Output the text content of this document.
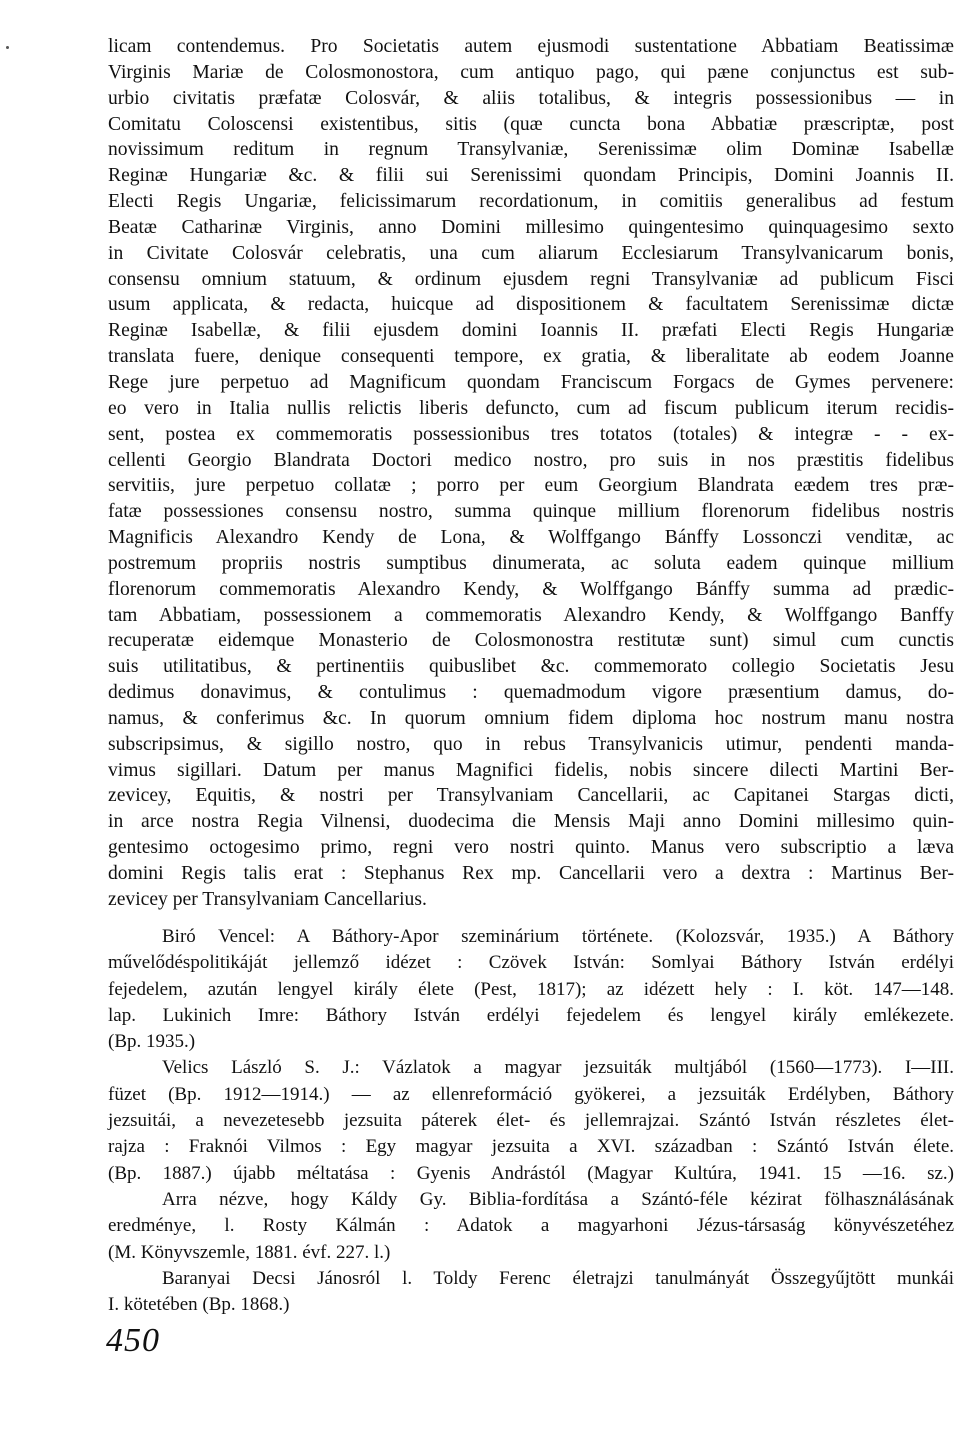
licam contendemus. Pro Societatis autem ejusmodi sustentatione Abbatiam Beatissimæ
Virginis Mariæ de Colosmonostora, cum antiquo pago, qui pæne conjunctus est sub-
urbio civitatis præfatæ Colosvár, & aliis totalibus, & integris possessionibus — in
Comitatu Coloscensi existentibus, sitis (quæ cuncta bona Abbatiæ præscriptæ, post
novissimum reditum in regnum Transylvaniæ, Serenissimæ olim Dominæ Isabellæ
Reginæ Hungariæ &c. & filii sui Serenissimi quondam Principis, Domini Joannis II.
Electi Regis Ungariæ, felicissimarum recordationum, in comitiis generalibus ad festum
Beatæ Catharinæ Virginis, anno Domini millesimo quingentesimo quinquagesimo sexto
in Civitate Colosvár celebratis, una cum aliarum Ecclesiarum Transylvanicarum bonis,
consensu omnium statuum, & ordinum ejusdem regni Transylvaniæ ad publicum Fisci
usum applicata, & redacta, huicque ad dispositionem & facultatem Serenissimæ dictæ
Reginæ Isabellæ, & filii ejusdem domini Ioannis II. præfati Electi Regis Hungariæ
translata fuere, denique consequenti tempore, ex gratia, & liberalitate ab eodem Joanne
Rege jure perpetuo ad Magnificum quondam Franciscum Forgacs de Gymes pervenere:
eo vero in Italia nullis relictis liberis defuncto, cum ad fiscum publicum iterum recidis-
sent, postea ex commemoratis possessionibus tres totatos (totales) & integræ - - ex-
cellenti Georgio Blandrata Doctori medico nostro, pro suis in nos præstitis fidelibus
servitiis, jure perpetuo collatæ ; porro per eum Georgium Blandrata eædem tres præ-
fatæ possessiones consensu nostro, summa quinque millium florenorum fidelibus nostris
Magnificis Alexandro Kendy de Lona, & Wolffgango Bánffy Lossonczi venditæ, ac
postremum propriis nostris sumptibus dinumerata, ac soluta eadem quinque millium
florenorum commemoratis Alexandro Kendy, & Wolffgango Bánffy summa ad prædic-
tam Abbatiam, possessionem a commemoratis Alexandro Kendy, & Wolffgango Banffy
recuperatæ eidemque Monasterio de Colosmonostra restitutæ sunt) simul cum cunctis
suis utilitatibus, & pertinentiis quibuslibet &c. commemorato collegio Societatis Jesu
dedimus donavimus, & contulimus : quemadmodum vigore præsentium damus, do-
namus, & conferimus &c. In quorum omnium fidem diploma hoc nostrum manu nostra
subscripsimus, & sigillo nostro, quo in rebus Transylvanicis utimur, pendenti manda-
vimus sigillari. Datum per manus Magnifici fidelis, nobis sincere dilecti Martini Ber-
zevicey, Equitis, & nostri per Transylvaniam Cancellarii, ac Capitanei Stargas dicti,
in arce nostra Regia Vilnensi, duodecima die Mensis Maji anno Domini millesimo quin-
gentesimo octogesimo primo, regni vero nostri quinto. Manus vero subscriptio a læva
domini Regis talis erat : Stephanus Rex mp. Cancellarii vero a dextra : Martinus Ber-
zevicey per Transylvaniam Cancellarius.
Biró Vencel: A Báthory-Apor szeminárium története. (Kolozsvár, 1935.) A Báthory
művelődéspolitikáját jellemző idézet : Czövek István: Somlyai Báthory István erdélyi
fejedelem, azután lengyel király élete (Pest, 1817); az idézett hely : I. köt. 147—148.
lap. Lukinich Imre: Báthory István erdélyi fejedelem és lengyel király emlékezete.
(Bp. 1935.)
Velics László S. J.: Vázlatok a magyar jezsuiták multjából (1560—1773). I—III.
füzet (Bp. 1912—1914.) — az ellenreformáció gyökerei, a jezsuiták Erdélyben, Báthory
jezsuitái, a nevezetesebb jezsuita páterek élet- és jellemrajzai. Szántó István részletes élet-
rajza : Fraknói Vilmos : Egy magyar jezsuita a XVI. században : Szántó István élete.
(Bp. 1887.) újabb méltatása : Gyenis Andrástól (Magyar Kultúra, 1941. 15 —16. sz.)
Arra nézve, hogy Káldy Gy. Biblia-fordítása a Szántó-féle kézirat fölhasználásának
eredménye, l. Rosty Kálmán : Adatok a magyarhoni Jézus-társaság könyvészetéhez
(M. Könyvszemle, 1881. évf. 227. l.)
Baranyai Decsi Jánosról l. Toldy Ferenc életrajzi tanulmányát Összegyűjtött munkái
I. kötetében (Bp. 1868.)
450
